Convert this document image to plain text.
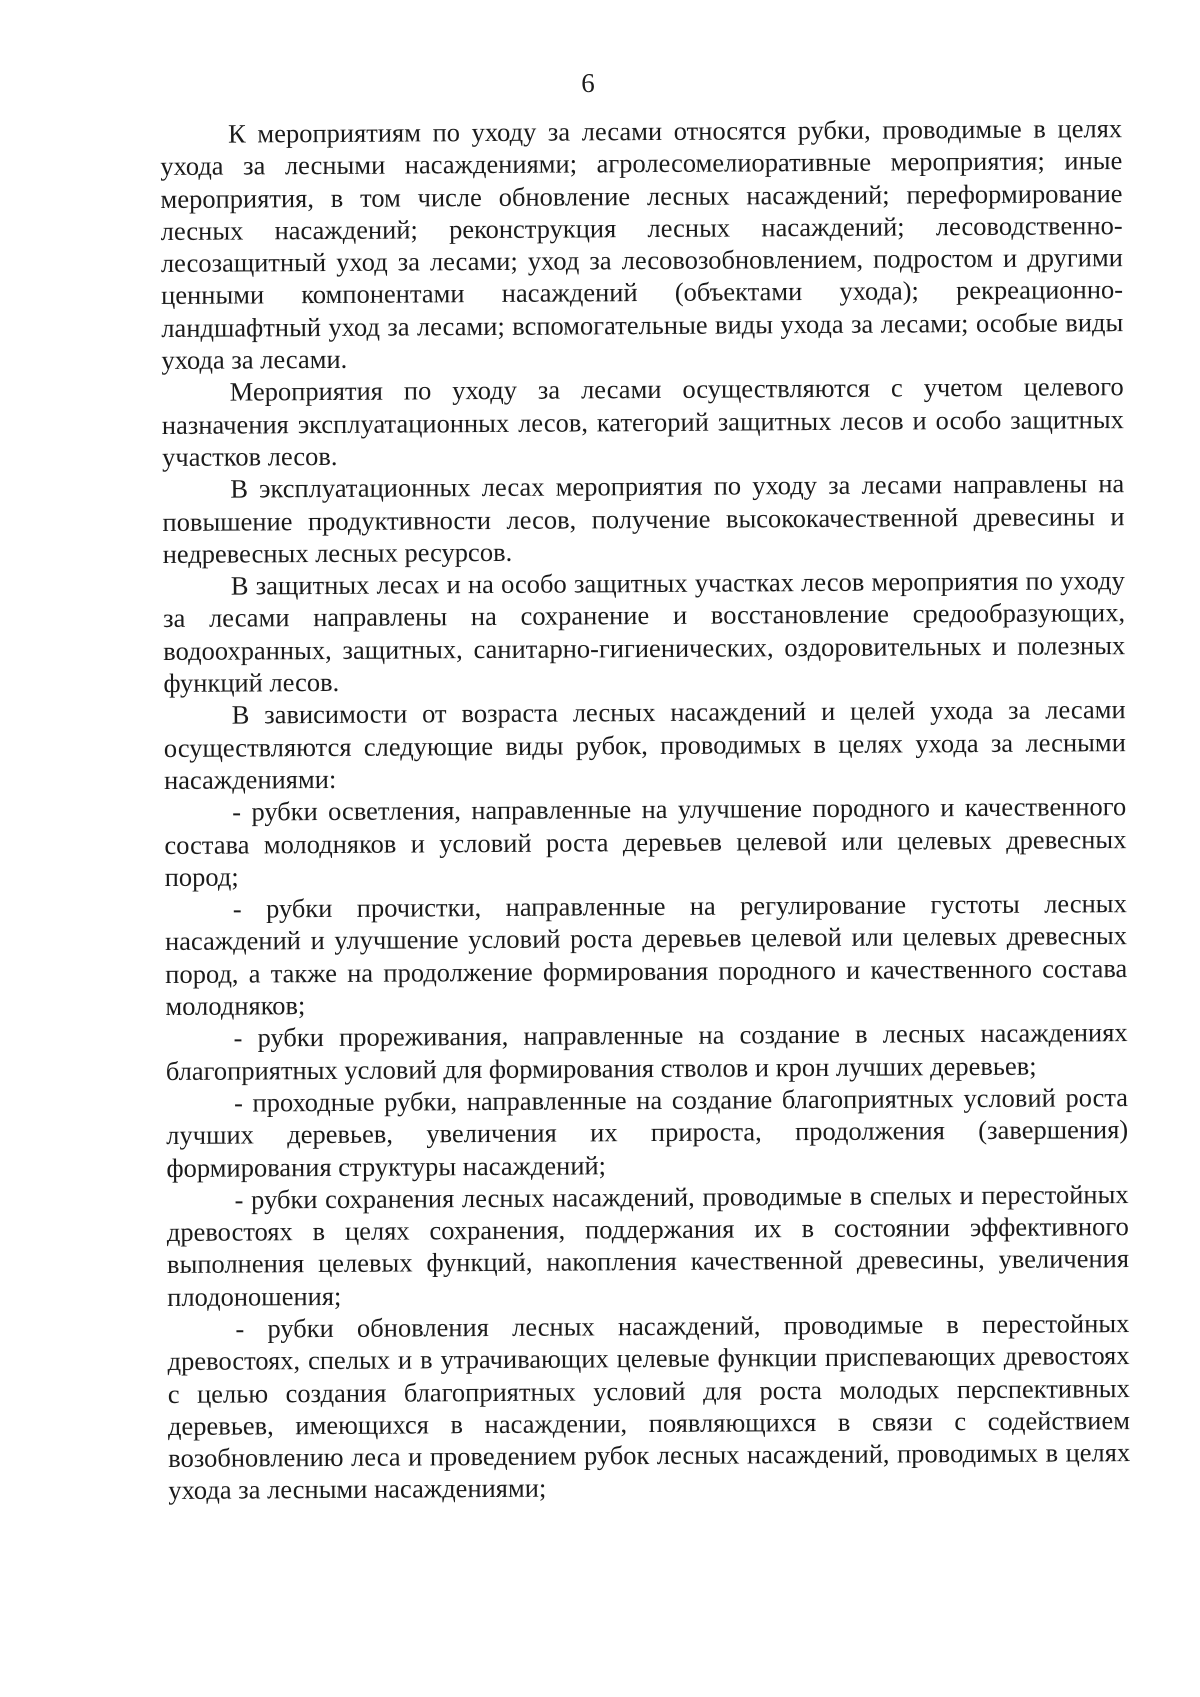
6

К мероприятиям по уходу за лесами относятся рубки, проводимые в целях ухода за лесными насаждениями; агролесомелиоративные мероприятия; иные мероприятия, в том числе обновление лесных насаждений; переформирование лесных насаждений; реконструкция лесных насаждений; лесоводственно-лесозащитный уход за лесами; уход за лесовозобновлением, подростом и другими ценными компонентами насаждений (объектами ухода); рекреационно-ландшафтный уход за лесами; вспомогательные виды ухода за лесами; особые виды ухода за лесами.

Мероприятия по уходу за лесами осуществляются с учетом целевого назначения эксплуатационных лесов, категорий защитных лесов и особо защитных участков лесов.

В эксплуатационных лесах мероприятия по уходу за лесами направлены на повышение продуктивности лесов, получение высококачественной древесины и недревесных лесных ресурсов.

В защитных лесах и на особо защитных участках лесов мероприятия по уходу за лесами направлены на сохранение и восстановление средообразующих, водоохранных, защитных, санитарно-гигиенических, оздоровительных и полезных функций лесов.

В зависимости от возраста лесных насаждений и целей ухода за лесами осуществляются следующие виды рубок, проводимых в целях ухода за лесными насаждениями:

- рубки осветления, направленные на улучшение породного и качественного состава молодняков и условий роста деревьев целевой или целевых древесных пород;

- рубки прочистки, направленные на регулирование густоты лесных насаждений и улучшение условий роста деревьев целевой или целевых древесных пород, а также на продолжение формирования породного и качественного состава молодняков;

- рубки прореживания, направленные на создание в лесных насаждениях благоприятных условий для формирования стволов и крон лучших деревьев;

- проходные рубки, направленные на создание благоприятных условий роста лучших деревьев, увеличения их прироста, продолжения (завершения) формирования структуры насаждений;

- рубки сохранения лесных насаждений, проводимые в спелых и перестойных древостоях в целях сохранения, поддержания их в состоянии эффективного выполнения целевых функций, накопления качественной древесины, увеличения плодоношения;

- рубки обновления лесных насаждений, проводимые в перестойных древостоях, спелых и в утрачивающих целевые функции приспевающих древостоях с целью создания благоприятных условий для роста молодых перспективных деревьев, имеющихся в насаждении, появляющихся в связи с содействием возобновлению леса и проведением рубок лесных насаждений, проводимых в целях ухода за лесными насаждениями;
